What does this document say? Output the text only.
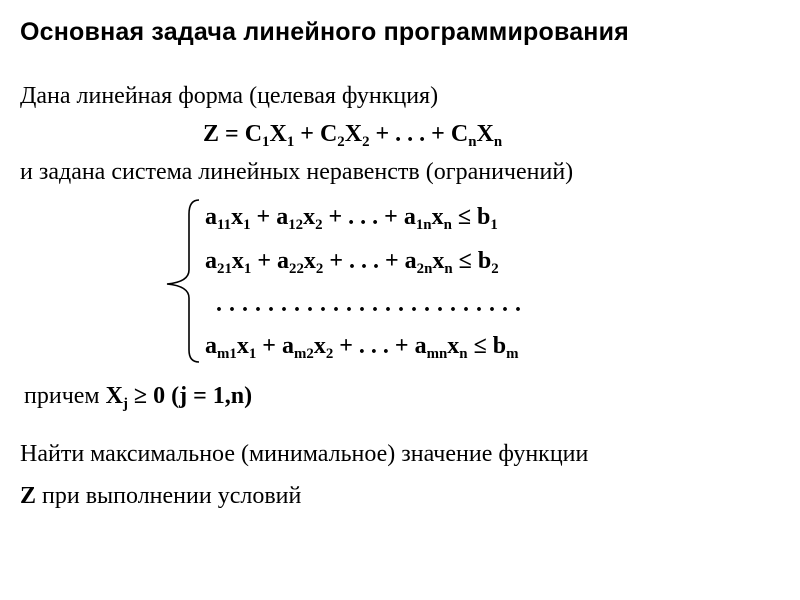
Основная задача линейного программирования
Дана линейная форма (целевая функция)
$Z = C_1X_1 + C_2X_2$ + . . . + $C_nX_n$
и задана система линейных неравенств (ограничений)
$a_{11}x_1 + a_{12}x_2$ + . . . + $a_{1n}x_n \le b_1$
$a_{21}x_1 + a_{22}x_2$ + . . . + $a_{2n}x_n \le b_2$
. . . . . . . . . . . . . . . . . . . . . . . .
$a_{m1}x_1 + a_{m2}x_2$ + . . . + $a_{mn}x_n \le b_m$
причем $X_j \ge 0$ (j = 1,n)
Найти максимальное (минимальное) значение функции
Z при выполнении условий
